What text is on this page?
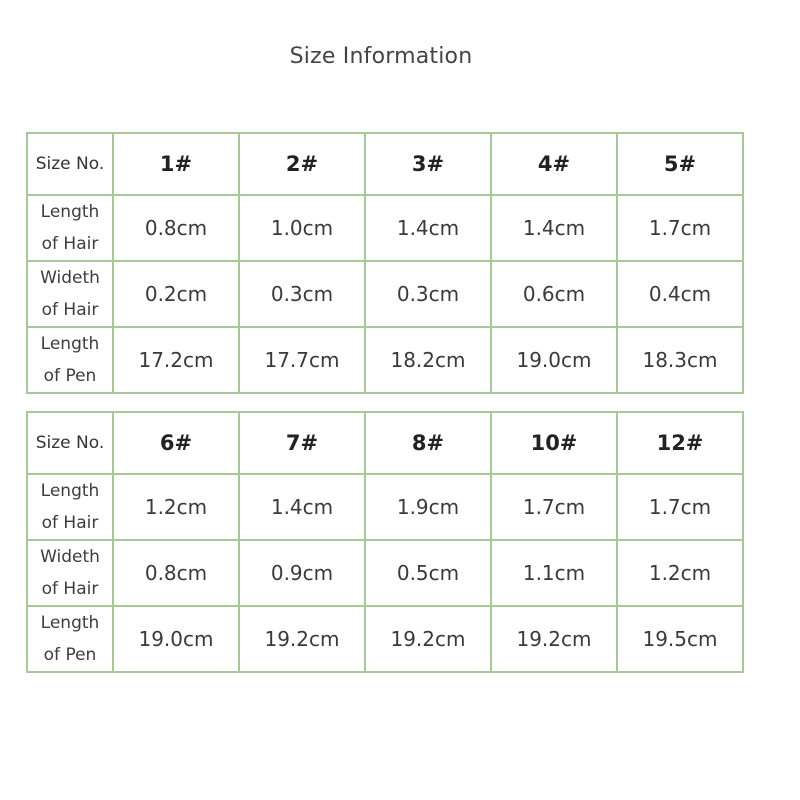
Size Information
Size No.	1#	2#	3#	4#	5#
Length
of Hair	0.8cm	1.0cm	1.4cm	1.4cm	1.7cm
Wideth
of Hair	0.2cm	0.3cm	0.3cm	0.6cm	0.4cm
Length
of Pen	17.2cm	17.7cm	18.2cm	19.0cm	18.3cm
Size No.	6#	7#	8#	10#	12#
Length
of Hair	1.2cm	1.4cm	1.9cm	1.7cm	1.7cm
Wideth
of Hair	0.8cm	0.9cm	0.5cm	1.1cm	1.2cm
Length
of Pen	19.0cm	19.2cm	19.2cm	19.2cm	19.5cm
